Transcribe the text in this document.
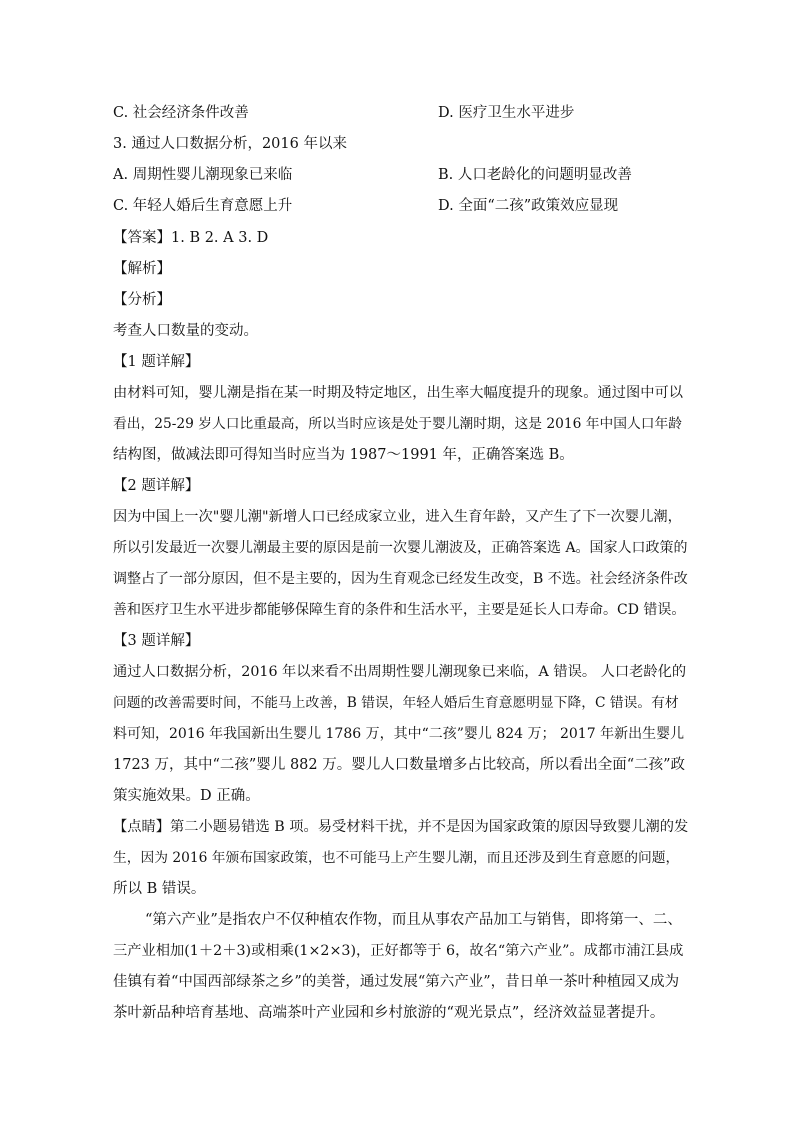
C. 社会经济条件改善	D. 医疗卫生水平进步
3. 通过人口数据分析，2016 年以来
A. 周期性婴儿潮现象已来临	B. 人口老龄化的问题明显改善
C. 年轻人婚后生育意愿上升	D. 全面“二孩”政策效应显现
【答案】1. B 2. A 3. D
【解析】
【分析】
考查人口数量的变动。
【1 题详解】
由材料可知，婴儿潮是指在某一时期及特定地区，出生率大幅度提升的现象。通过图中可以
看出，25-29 岁人口比重最高，所以当时应该是处于婴儿潮时期，这是 2016 年中国人口年龄
结构图，做减法即可得知当时应当为 1987～1991 年，正确答案选 B。
【2 题详解】
因为中国上一次"婴儿潮"新增人口已经成家立业，进入生育年龄，又产生了下一次婴儿潮，
所以引发最近一次婴儿潮最主要的原因是前一次婴儿潮波及，正确答案选 A。国家人口政策的
调整占了一部分原因，但不是主要的，因为生育观念已经发生改变，B 不选。社会经济条件改
善和医疗卫生水平进步都能够保障生育的条件和生活水平，主要是延长人口寿命。CD 错误。
【3 题详解】
通过人口数据分析，2016 年以来看不出周期性婴儿潮现象已来临，A 错误。 人口老龄化的
问题的改善需要时间，不能马上改善，B 错误，年轻人婚后生育意愿明显下降，C 错误。有材
料可知，2016 年我国新出生婴儿 1786 万，其中“二孩”婴儿 824 万； 2017 年新出生婴儿
1723 万，其中“二孩”婴儿 882 万。婴儿人口数量增多占比较高，所以看出全面“二孩”政
策实施效果。D 正确。
【点睛】第二小题易错选 B 项。易受材料干扰，并不是因为国家政策的原因导致婴儿潮的发
生，因为 2016 年颁布国家政策，也不可能马上产生婴儿潮，而且还涉及到生育意愿的问题，
所以 B 错误。
“第六产业”是指农户不仅种植农作物，而且从事农产品加工与销售，即将第一、二、
三产业相加(1＋2＋3)或相乘(1×2×3)，正好都等于 6，故名“第六产业”。成都市浦江县成
佳镇有着“中国西部绿茶之乡”的美誉，通过发展“第六产业”，昔日单一茶叶种植园又成为
茶叶新品种培育基地、高端茶叶产业园和乡村旅游的“观光景点”，经济效益显著提升。
